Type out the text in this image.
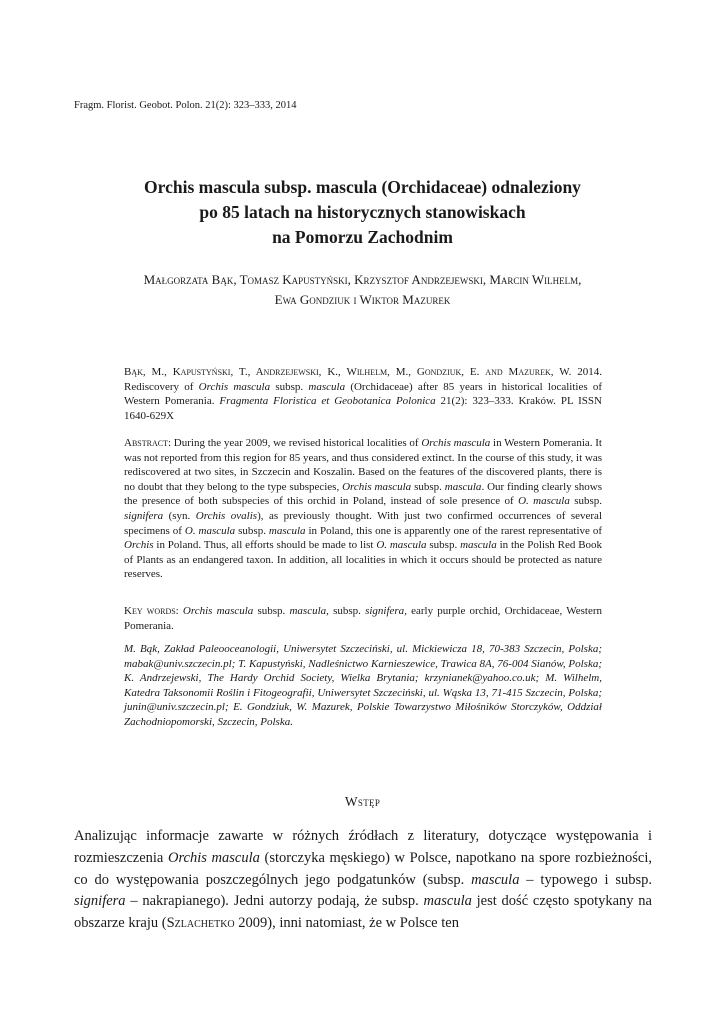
Fragm. Florist. Geobot. Polon. 21(2): 323–333, 2014
Orchis mascula subsp. mascula (Orchidaceae) odnaleziony
po 85 latach na historycznych stanowiskach
na Pomorzu Zachodnim
Małgorzata Bąk, Tomasz Kapustyński, Krzysztof Andrzejewski, Marcin Wilhelm,
Ewa Gondziuk i Wiktor Mazurek

Bąk, M., Kapustyński, T., Andrzejewski, K., Wilhelm, M., Gondziuk, E. and Mazurek, W. 2014. Rediscovery of Orchis mascula subsp. mascula (Orchidaceae) after 85 years in historical localities of Western Pomerania. Fragmenta Floristica et Geobotanica Polonica 21(2): 323–333. Kraków. PL ISSN 1640-629X

Abstract: During the year 2009, we revised historical localities of Orchis mascula in Western Pomerania. It was not reported from this region for 85 years, and thus considered extinct. In the course of this study, it was rediscovered at two sites, in Szczecin and Koszalin. Based on the features of the discovered plants, there is no doubt that they belong to the type subspecies, Orchis mascula subsp. mascula. Our finding clearly shows the presence of both subspecies of this orchid in Poland, instead of sole presence of O. mascula subsp. signifera (syn. Orchis ovalis), as previously thought. With just two confirmed occurrences of several specimens of O. mascula subsp. mascula in Poland, this one is apparently one of the rarest representative of Orchis in Poland. Thus, all efforts should be made to list O. mascula subsp. mascula in the Polish Red Book of Plants as an endangered taxon. In addition, all localities in which it occurs should be protected as nature reserves.

Key words: Orchis mascula subsp. mascula, subsp. signifera, early purple orchid, Orchidaceae, Western Pomerania.

M. Bąk, Zakład Paleooceanologii, Uniwersytet Szczeciński, ul. Mickiewicza 18, 70-383 Szczecin, Polska; mabak@univ.szczecin.pl; T. Kapustyński, Nadleśnictwo Karnieszewice, Trawica 8A, 76-004 Sianów, Polska; K. Andrzejewski, The Hardy Orchid Society, Wielka Brytania; krzynianek@yahoo.co.uk; M. Wilhelm, Katedra Taksonomii Roślin i Fitogeografii, Uniwersytet Szczeciński, ul. Wąska 13, 71-415 Szczecin, Polska; junin@univ.szczecin.pl; E. Gondziuk, W. Mazurek, Polskie Towarzystwo Miłośników Storczyków, Oddział Zachodniopomorski, Szczecin, Polska.

Wstęp

Analizując informacje zawarte w różnych źródłach z literatury, dotyczące występowania i rozmieszczenia Orchis mascula (storczyka męskiego) w Polsce, napotkano na spore rozbieżności, co do występowania poszczególnych jego podgatunków (subsp. mascula – typowego i subsp. signifera – nakrapianego). Jedni autorzy podają, że subsp. mascula jest dość często spotykany na obszarze kraju (Szlachetko 2009), inni natomiast, że w Polsce ten
